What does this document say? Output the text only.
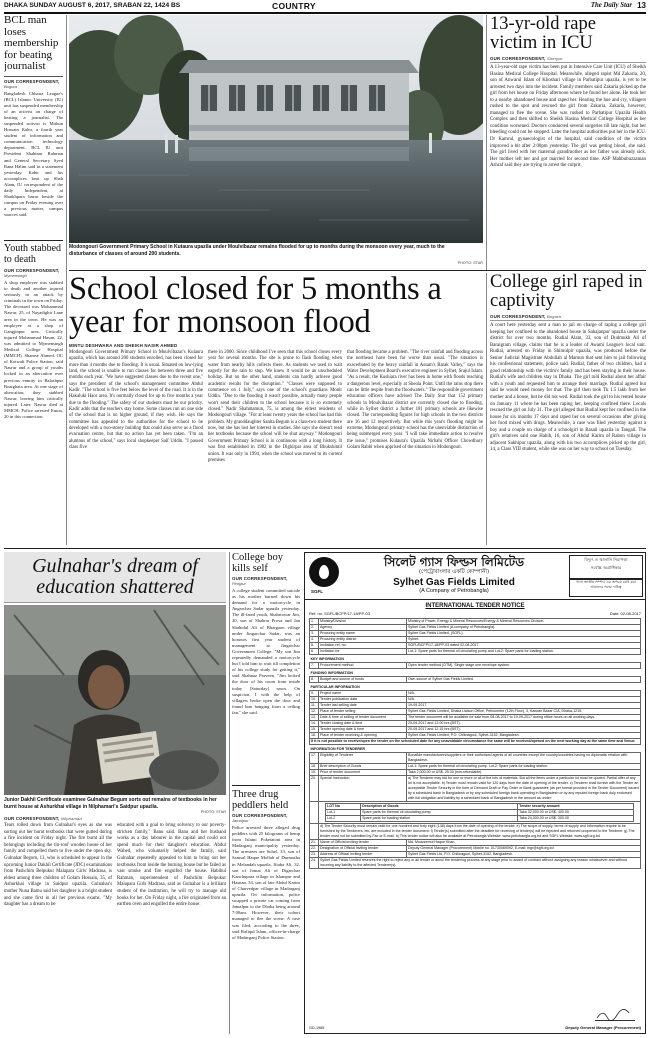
DHAKA SUNDAY AUGUST 6, 2017, SRABAN 22, 1424 BS	COUNTRY	The Daily Star 13
BCL man loses membership for beating journalist
OUR CORRESPONDENT,
Bogura
Bangladesh Chhatra League's (BCL) Islamic University (IU) unit has suspended membership of an activist on charge of beating a journalist. The suspended activist is Mithun Hossain Kabir, a fourth year student of information and communication technology department. BCL IU unit President Shahinur Rahman and General Secretary Syed Rana Halim said in a statement yesterday. Kabir and his accomplices beat up Shah Alam, IU correspondent of the daily Independent, at Shaikhpara bazar beside the campus on Friday evening over a previous matter, campus sources said.
Youth stabbed to death
OUR CORRESPONDENT,
Mymensingh
A shop employee was stabbed to death and another injured seriously in an attack by criminals in the town on Friday. The deceased was Mohammad Nasrur, 25, of Nayadighir Lane area in the town. He was an employee at a shop of Gangjinpur area. Critically injured Mohammad Hasan, 22, was admitted to Mymensingh Medical College Hospital (MMCH). Shamse Ahmed, OC of Kotwali Police Station, said Nasrur and a group of youths locked in an altercation over previous enmity in Balashpur Boatghata area. At one stage of altercation, they stabbed Nasrur, leaving him critically injured. Later, Nasrur died at MMCH. Police arrested Emon, 20 in this connection.
Modongouri Government Primary School in Kutaura upazila under Moulvibazar remains flooded for up to months during the monsoon every year, much to the disturbance of classes of around 200 students.
PHOTO: STAR
13-yr-old rape victim in ICU
OUR CORRESPONDENT, Sherpur
A 13-year-old rape victim has been put in Intensive Care Unit (ICU) of Sheikh Hasina Medical College Hospital. Meanwhile, alleged rapist Md Zakaria, 20, son of Anwarul Islam of Khoshari village in Parbatipur upazila, is yet to be arrested two days into the incident. Family members said Zakaria picked up the girl from her house on Friday afternoon where he found her alone. He took her to a nearby abandoned house and raped her. Hearing the hue and cry, villagers rushed to the spot and rescued the girl from Zakaria. Zakaria, however, managed to flee the scene. She was rushed to Parbatipur Upazila Health Complex and then shifted to Sheikh Hasina Medical College Hospital as her condition worsened. Doctors conducted several surgeries till late night, but her bleeding could not be stopped. Later the hospital authorities put her in the ICU. Dr Kamrul, gynaecologist of the hospital, said condition of the victim improved a bit after 2:00pm yesterday. The girl was getting blood, she said. The girl lived with her maternal grandmother as her father was already sick. Her mother left her and got married for second time. ASP Mahbubuzzaman Ashraf said they are trying to arrest the culprit.
School closed for 5 months a year for monsoon flood
MINTU DESHWARA AND SHEIKH NASIR AHMED
Modongouri Government Primary School in Moulvibazar's Kulaura upazila, which has around 200 students enrolled, has been closed for more than 4 months due to flooding. It is usual. Situated on low-lying land, the school is unable to run classes for between three and five months each year. "We have suggested classes due to the recent one," says the president of the school's management committee Abdul Kadir. "The school is five feet below the level of the road. It is in the Hakaluki Haor area. It's normally closed for up to five months a year due to the flooding." The safety of our students must be our priority. Kadir adds that the teachers stay home. Some classes run on one side of the school that is on higher ground, if they wish. He says the committee has appealed to the authorities for the school to be developed with a two-storey building that could also serve as a flood evacuation centre, but that no action has yet been taken. "I'm an alumnus of the school," says local shopkeeper Saif Uddin. "I passed class five
there in 2000. Since childhood I've seen that this school closes every year for several months. The site is prone to flash flooding when water from nearby hills collects there. As students we used to wait eagerly for the rain to stop. We knew it would be an unscheduled holiday. But on the other hand, students can hardly achieve good academic results for the disruption." "Classes were supposed to commence on 1 July," says one of the school's guardians Monir Uddin. "Due to the flooding it wasn't possible, actually many people won't send their children to the school because it is so extremely closed." Nadir Shahmamun, 75, is among the eldest residents of Modongouri village. "For at least twenty years the school has had this problem. My granddaughter Sanita Begum is a class-two student there now, but she has lost her interest in studies. She says she doesn't read her textbooks because the school will be shut anyway." Modongouri Government Primary School is in continuous with a long history. It was first established in 1982 in the Dighirpar area of Bhukshimil union. It was only in 1994, when the school was moved to its current premises
that flooding became a problem. "The river rainfall and flooding across the northeast have been far worse than usual. "The situation is exacerbated by the heavy rainfall in Assam's Barak Valley," says the Water Development Board's executive engineer in Sylhet, Srajul Islam. "As a result, the Kushiara river has been in home with floods reaching a dangerous level, especially at Sheola Point. Until the rains stop there can be little respite from the floodwaters." The responsible government education officers have advised The Daily Star that 152 primary schools in Moulvibazar district are currently closed due to flooding, while in Sylhet district a further 181 primary schools are likewise closed. The corresponding figures for high schools in the two districts are 16 and 12 respectively. But while this year's flooding might be extreme, Modongouri primary school has the unenviable distinction of being submerged every year. "I will take immediate action to resolve the issue," promises Kulaura's Upazila Nirbahi Officer Chowdhury Golam Rabbi when apprised of the situation in Modongouri.
College girl raped in captivity
OUR CORRESPONDENT, Bogura
A court here yesterday sent a man to jail on charge of raping a college girl keeping her confined to the abandoned house in Sahajanpur upazila under the district for over two months. Rudial Alam, 33, son of Dudmukh Ali of Baraigram village, claims that he is a leader of Awami League's local unit. Rudial, arrested on Friday in Shimulpir upazila, was produced before the Senior Judicial Magistrate Abdullah al Mamun that sent him to jail following his confessional statement, police said. Rudial, father of two children, had a good relationship with the victim's family and has been staying in their house. Rudial's wife and children stay in Dhaka. The girl told Rudial about her affair with a youth and requested him to arrange their marriage. Rudial agreed but said he would need money for that. The girl then took Tk 1.5 lakh from her mother and a house, but he did not wed. Rudial took the girl to his rented house on January 11 where he has been raping her, keeping confined there. Locals rescued the girl on July 31. The girl alleged that Rudial kept her confined in the house for six months 17 days and raped her on several occasions after giving her food mixed with drugs. Meanwhile, a case was filed yesterday against a boy and a couple on charge of a schoolgirl in Basail upazila in Tangail. The girl's relatives said one Habib, 16, son of Abdul Karim of Rabon village in adjacent Sakhipur upazila, along with his two accomplices picked up the girl, 14, a Class VIII student, while she was on her way to school on Tuesday.
Gulnahar's dream of education shattered
Junior Dakhil Certificate examinee Gulnahar Begum sorts out remains of textbooks in her burnt house at Ashurkhai village in Nilphamari's Saidpur upazila.
PHOTO: STAR
OUR CORRESPONDENT, Nilphamari
Tears rolled down from Gulnahar's eyes as she was sorting out her burnt textbooks that were gutted during a fire incident on Friday night. The fire burnt all the belongings including the tin-roof wooden house of her family and compelled them to live under the open sky. Gulnahar Begum, 13, who is scheduled to appear in the upcoming Junior Dakhil Certificate (JDC) examinations from Pashchim Belpukur Malapara Girls' Madrasa, is eldest among three children of Golam Hossain, 35, of Ashurkhai village in Saidpur upazila. Gulnahar's mother Nuna Bamu said her daughter is a bright student and she came first in all her previous exams. "My daughter has a dream to be
educated with a goal to bring solvency to our poverty-stricken family," Banu said. Banu and her husband works as a day labourer in the capital and could not spend much for their daughter's education. Abdul Wahed, who voluntarily helped the family, said Gulnahar repeatedly appealed to him to bring out her textbooks from inside the burning house but he failed as vast smoke and fire engulfed the house. Habibul Rahman, superintendent of Pashchim Belpukur Malapara Girls Madrasa, said as Gulnahar is a brilliant student of the institution, he will try to manage old books for her. On Friday night, a fire originated from an earthen oven and engulfed the entire house.
College boy kills self
OUR CORRESPONDENT,
Pirojpur
A college student committed suicide as his mother burned down his demand for a motorcycle in Jingarchar Sadar upazila yesterday. The ill-fated youth, Shahriowar Jim, 20, son of Shahrar Prova and Jan Shahidul Ali of Bhargaon village under Jingarchar Sadar, was an honours first year student of management at Jingarchar Government College. "My son Jim repeatedly demanded a motorcycle but I told him to wait till completion of his college study for getting it," said Shahnaz Parveen. "Jim locked the door of his room from inside today [Saturday] noon. On suspicion, I with the help of villagers broke open the door and found him hanging from a ceiling fan," she said.
Three drug peddlers held
OUR CORRESPONDENT,
Jamalpur
Police arrested three alleged drug peddlers with 25 kilograms of hemp from Islami Poketatoni area in Madarganj municipality yesterday. The arrestees are Sohel, 33, son of Samsul Haque Mollah of Durmutha in Melandah upazila, Iftaba Ali, 32, son of Jomat Ali of Digarchar Kanchupara village in Islampur and Hasnan, 34, son of late Abdul Karim of Charvedpar village in Madarganj upazila. On information, police swapped a private car coming from Jamalpur to the Dhaka being around 7:00am. However, their cohort managed to flee the scene. A case was filed, according to the three, said Rafiqul Islam, officer-in-charge of Madarganj Police Station.
SGFL
সিলেট গ্যাস ফিল্ডস লিমিটেড
(পেট্রোবাংলার একটি কোম্পানী)
Sylhet Gas Fields Limited
(A Company of Petrobangla)
বিদ্যুৎ ও জ্বালানি নিরাপত্তা
সর্বোচ্চ অগ্রাধিকার
গ্যাস জাতীয় সম্পদ। এর অপচয় রোধ করা আমাদের সবার দায়িত্ব
INTERNATIONAL TENDER NOTICE
Ref. no. SGFL/BCFP/17-18/PP-03	Date: 02-08-2017
1.	Ministry/Division	Ministry of Power, Energy & Mineral Resources/Energy & Mineral Resources Division.
2.	Agency	Sylhet Gas Fields Limited (A company of Petrobangla).
3.	Procuring entity name	Sylhet Gas Fields Limited, (SGFL).
4.	Procuring entity district	Sylhet.
5.	Invitation ref. no.	SGFL/BCFP/17-18/PP-03 dated 02-08-2017.
6.	Invitation for	Lot-1: Spare parts for thermal oil circulating pump and Lot-2: Spare parts for loading station.
KEY INFORMATION
7.	Procurement method	Open tender method (OTM), Single stage one envelope system.
FUNDING INFORMATION
8.	Budget and source of funds	Own source of Sylhet Gas Fields Limited.
PARTICULAR INFORMATION
9.	Project name	N/A.
10.	Tender publication date	N/A.
11.	Tender last selling date	19-09-2017.
12.	Place of tender selling	Sylhet Gas Fields Limited, Dhaka Liaison Office, Petrocentre (12th Floor), 3, Kawran Bazar C/A, Dhaka-1215.
13.	Date & time of selling of tender document	The tender document will be available for sale from 08-08-2017 to 19-09-2017 during office hours on all working days.
14.	Tender closing date & time	20-09-2017 and 12.00 hrs (BST).
15.	Tender opening date & time	20-09-2017 and 12.15 hrs (BST).
16.	Place of tender receiving & opening	Sylhet Gas Fields Limited, P.O. Chiknagoul, Sylhet-3152, Bangladesh.
If it is not possible to receive/open the tender on the scheduled date for any unavoidable circumstance the same will be received/opened on the next working day at the same time and Venue.
INFORMATION FOR TENDERER
17.	Eligibility of Tenderer	Bonafide manufacturers/suppliers or their authorized agents of all countries except the country/countries having no diplomatic relation with Bangladesh.
18.	Brief description of Goods	Lot-1: Spare parts for thermal oil circulating pump. Lot-2: Spare parts for loading station.
19.	Price of tender document	Taka 2,000.00 or US$. 25.00 (non-refundable).
20.	Special Instruction	a) The Tenderer may bid for one or more or all of the lots of materials. But all the items under a particular lot must be quoted. Partial offer of any lot is not acceptable. b) Tender must remain valid for 120 days from the date of opening of the tender. c) Tenderer shall furnish with the Tender an acceptable Tender Security in the form of Demand Draft or Pay Order or Bank guarantee (as per format provided in the Tender Document) issued by a scheduled bank in Bangladesh or by any scheduled foreign bank operating in Bangladesh or by any reputed foreign bank duly endorsed with full obligation and liability by a scheduled bank of Bangladesh in the amount as under:

LOT No	Description of Goods	Tender security amount
Lot-1	Spare parts for thermal oil circulating pump	Taka 32,000.00 or US$. 400.00
Lot-2	Spare parts for loading station	Taka 24,000.00 or US$. 300.00

	d) The Tender Security must remain valid for one hundred and forty eight (148) days from the date of opening of the tender. e) The scope of supply, terms of supply and information require to be furnished by the Tenderers, etc. are included in the tender document. f) Tender(s) submitted after the deadline for receiving of tender(s) will be rejected and returned unopened to the Tenderer. g) The tender must not be submitted by Fax or E-mail. h) This tender notice will also be available at Petrobangla Website: www.petrobangla.org.bd and SGFL Website: www.sgfl.org.bd
21.	Name of Official inviting tender	Md. Moazzemul Haque Khan.
22.	Designation of Official inviting tender	Deputy General Manager (Procurement) Mobile no. 01730069092, E-mail: mgr@sgfl.org.bd
23.	Address of Official inviting tender	Sylhet Gas Fields Ltd, P.O. Chiknagoul, Sylhet-3152, Bangladesh.
24.	Sylhet Gas Fields Limited reserves the right to reject any or all tender or annul the tendering process at any stage prior to award of contract without assigning any reason whatsoever and without incurring any liability to the affected Tenderer(s).
Deputy General Manager (Procurement)
GD-1985
